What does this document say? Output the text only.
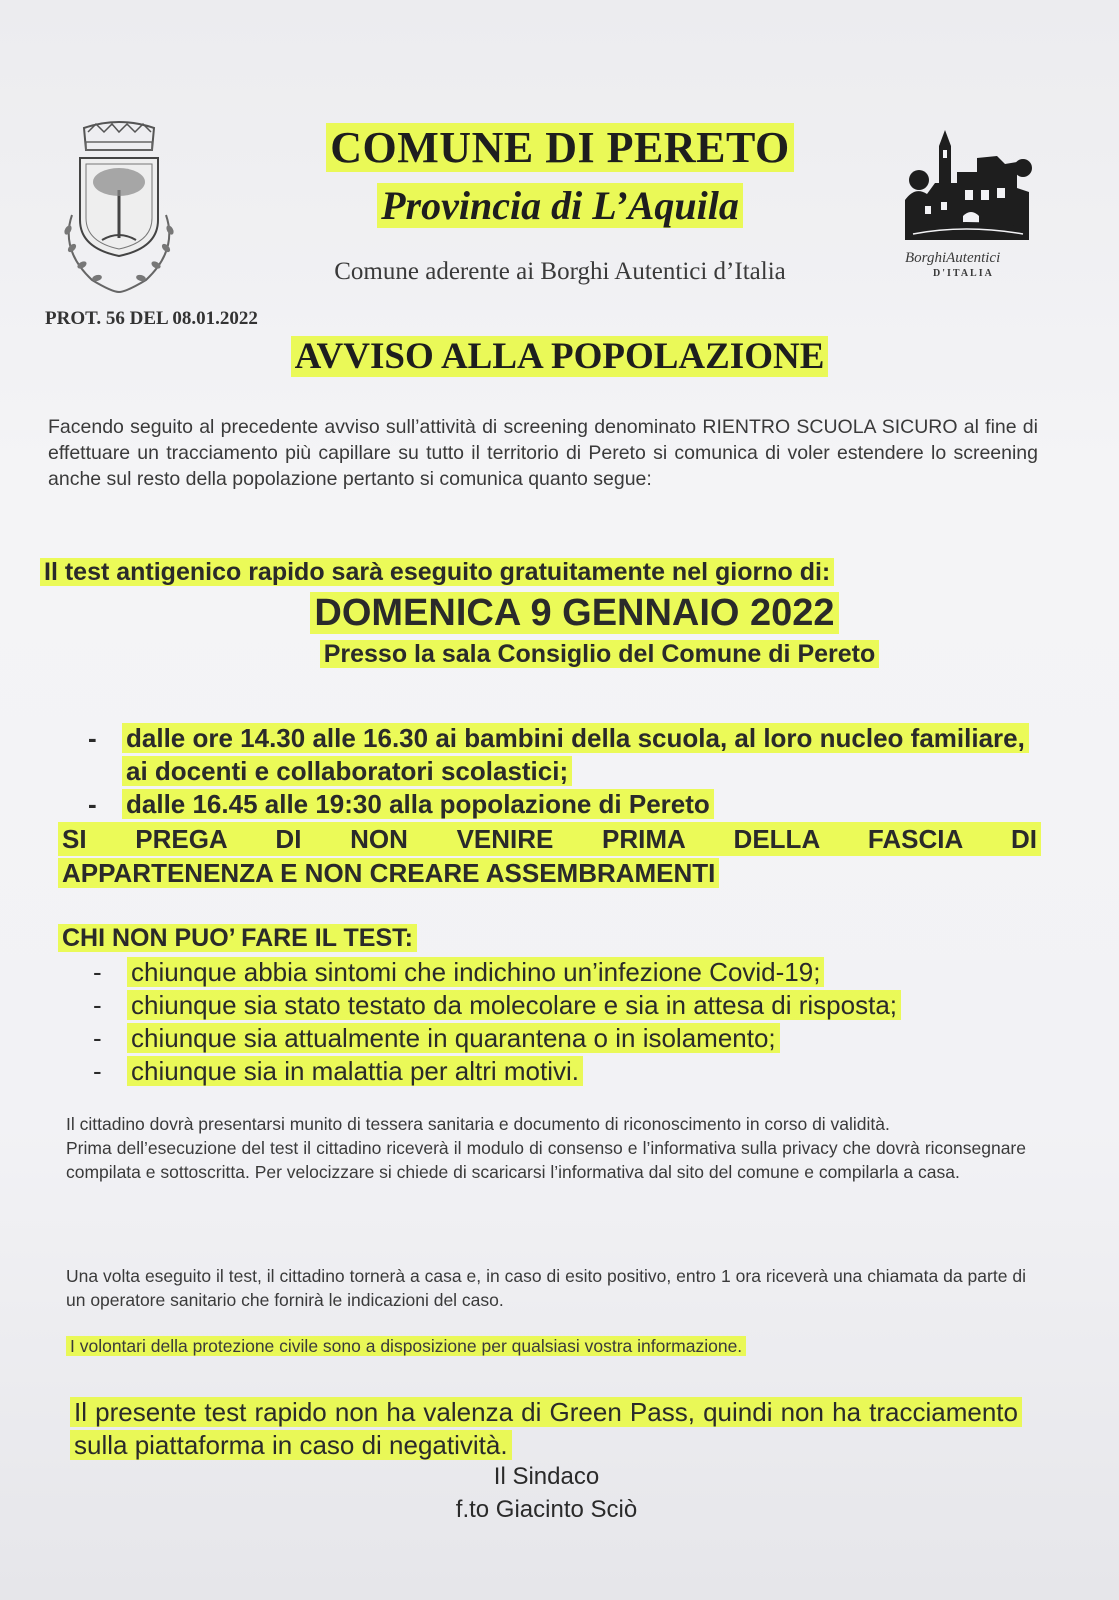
BorghiAutentici
D'ITALIA
COMUNE DI PERETO
Provincia di L’Aquila
Comune aderente ai Borghi Autentici d’Italia
PROT. 56 DEL 08.01.2022
AVVISO ALLA POPOLAZIONE
Facendo seguito al precedente avviso sull’attività di screening denominato RIENTRO SCUOLA SICURO al fine di effettuare un tracciamento più capillare su tutto il territorio di Pereto si comunica di voler estendere lo screening anche sul resto della popolazione pertanto si comunica quanto segue:
Il test antigenico rapido sarà eseguito gratuitamente nel giorno di:
DOMENICA 9 GENNAIO 2022
Presso la sala Consiglio del Comune di Pereto
-	dalle ore 14.30 alle 16.30 ai bambini della scuola, al loro nucleo familiare, ai docenti e collaboratori scolastici;
-	dalle 16.45 alle 19:30 alla popolazione di Pereto
SI PREGA DI NON VENIRE PRIMA DELLA FASCIA DI
APPARTENENZA E NON CREARE ASSEMBRAMENTI
CHI NON PUO’ FARE IL TEST:
-	chiunque abbia sintomi che indichino un’infezione Covid-19;
-	chiunque sia stato testato da molecolare e sia in attesa di risposta;
-	chiunque sia attualmente in quarantena o in isolamento;
-	chiunque sia in malattia per altri motivi.
Il cittadino dovrà presentarsi munito di tessera sanitaria e documento di riconoscimento in corso di validità.
Prima dell’esecuzione del test il cittadino riceverà il modulo di consenso e l’informativa sulla privacy che dovrà riconsegnare compilata e sottoscritta. Per velocizzare si chiede di scaricarsi l’informativa dal sito del comune e compilarla a casa.
Una volta eseguito il test, il cittadino tornerà a casa e, in caso di esito positivo, entro 1 ora riceverà una chiamata da parte di un operatore sanitario che fornirà le indicazioni del caso.
I volontari della protezione civile sono a disposizione per qualsiasi vostra informazione.
Il presente test rapido non ha valenza di Green Pass, quindi non ha tracciamento sulla piattaforma in caso di negatività.
Il Sindaco
f.to Giacinto Sciò
